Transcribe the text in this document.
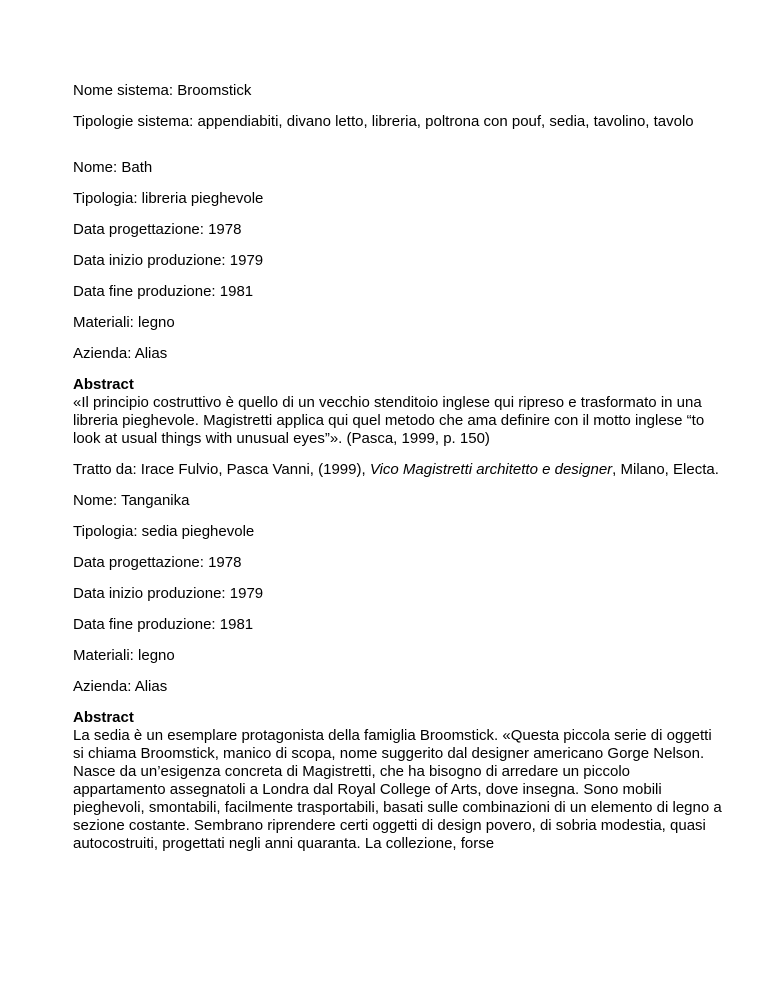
Nome sistema: Broomstick

Tipologie sistema: appendiabiti, divano letto, libreria, poltrona con pouf, sedia, tavolino, tavolo

Nome: Bath

Tipologia: libreria pieghevole

Data progettazione: 1978

Data inizio produzione: 1979

Data fine produzione: 1981

Materiali: legno

Azienda: Alias

Abstract
«Il principio costruttivo è quello di un vecchio stenditoio inglese qui ripreso e trasformato in una libreria pieghevole. Magistretti applica qui quel metodo che ama definire con il motto inglese “to look at usual things with unusual eyes”». (Pasca, 1999, p. 150)

Tratto da: Irace Fulvio, Pasca Vanni, (1999), Vico Magistretti architetto e designer, Milano, Electa.

Nome: Tanganika

Tipologia: sedia pieghevole

Data progettazione: 1978

Data inizio produzione: 1979

Data fine produzione: 1981

Materiali: legno

Azienda: Alias

Abstract
La sedia è un esemplare protagonista della famiglia Broomstick. «Questa piccola serie di oggetti si chiama Broomstick, manico di scopa, nome suggerito dal designer americano Gorge Nelson. Nasce da un’esigenza concreta di Magistretti, che ha bisogno di arredare un piccolo appartamento assegnatoli a Londra dal Royal College of Arts, dove insegna. Sono mobili pieghevoli, smontabili, facilmente trasportabili, basati sulle combinazioni di un elemento di legno a sezione costante. Sembrano riprendere certi oggetti di design povero, di sobria modestia, quasi autocostruiti, progettati negli anni quaranta. La collezione, forse
